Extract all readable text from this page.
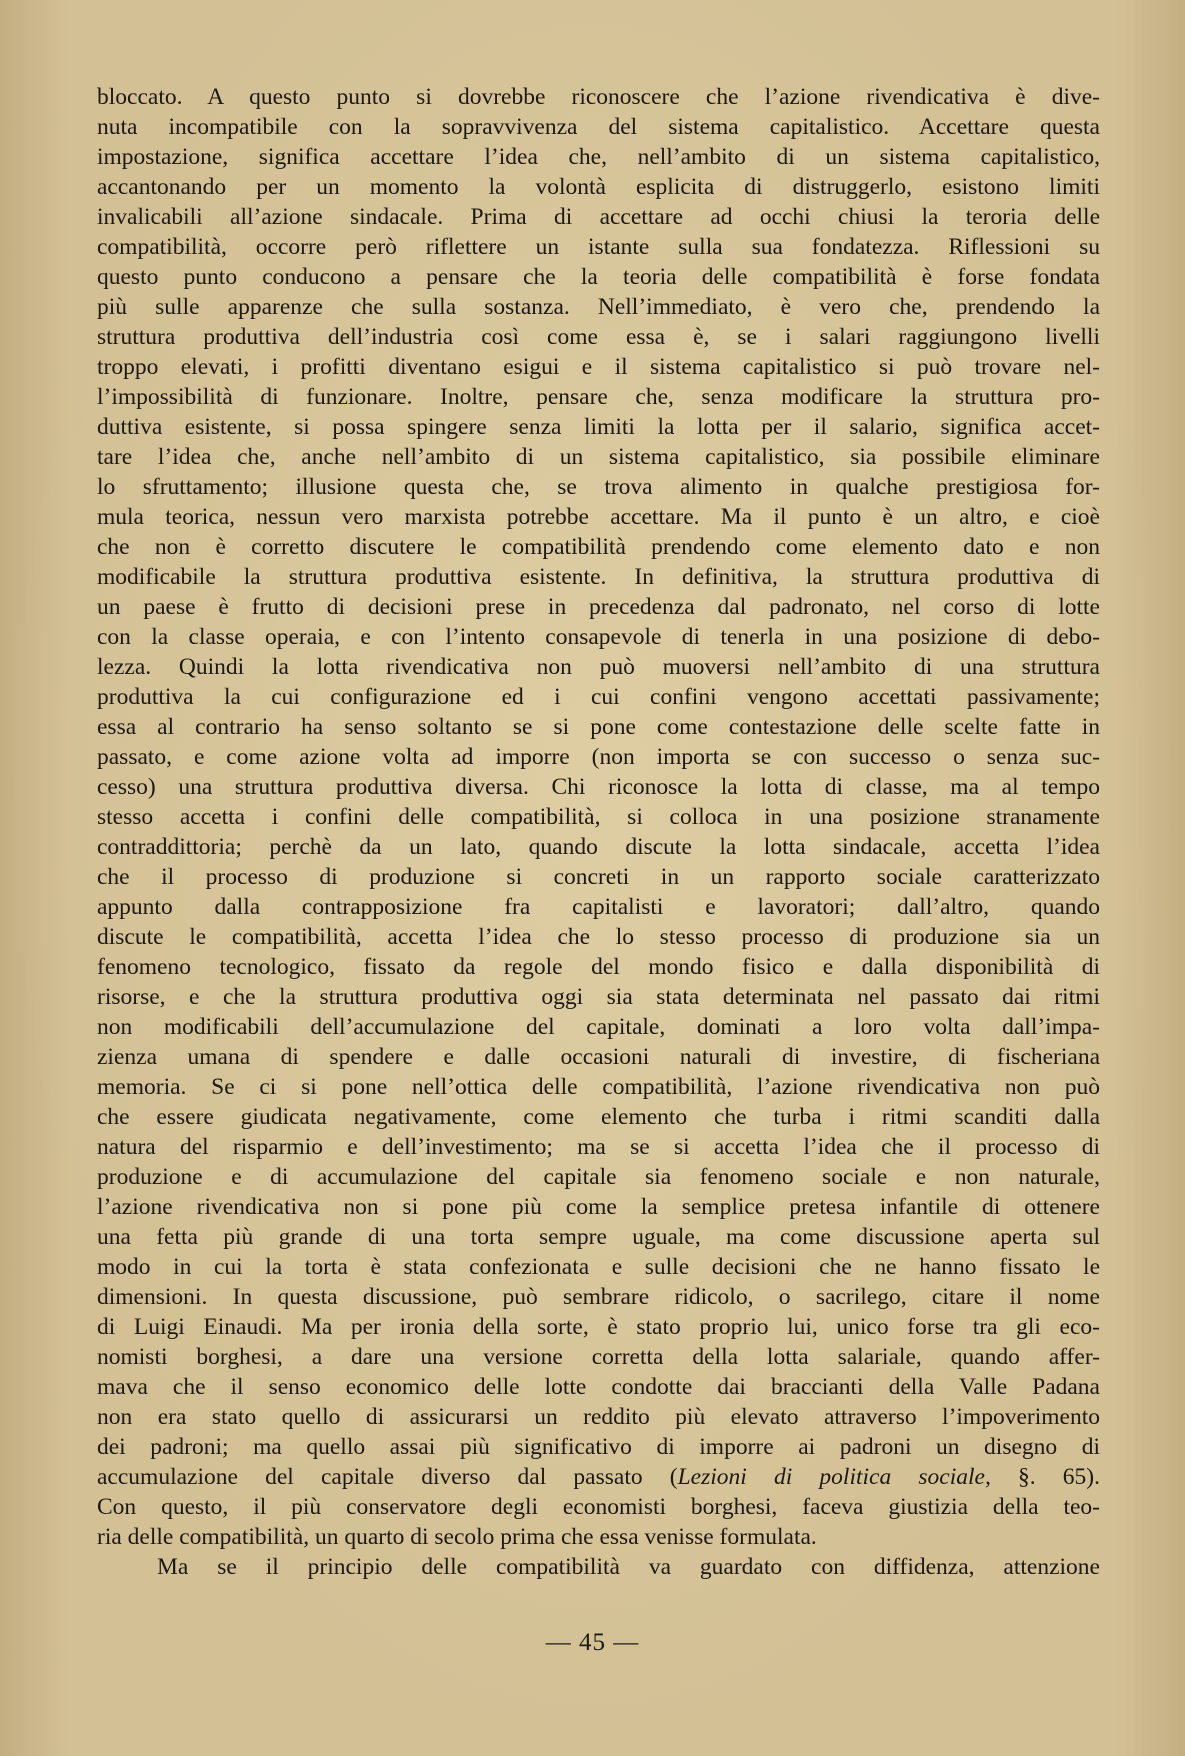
bloccato. A questo punto si dovrebbe riconoscere che l’azione rivendicativa è dive-
nuta incompatibile con la sopravvivenza del sistema capitalistico. Accettare questa
impostazione, significa accettare l’idea che, nell’ambito di un sistema capitalistico,
accantonando per un momento la volontà esplicita di distruggerlo, esistono limiti
invalicabili all’azione sindacale. Prima di accettare ad occhi chiusi la teroria delle
compatibilità, occorre però riflettere un istante sulla sua fondatezza. Riflessioni su
questo punto conducono a pensare che la teoria delle compatibilità è forse fondata
più sulle apparenze che sulla sostanza. Nell’immediato, è vero che, prendendo la
struttura produttiva dell’industria così come essa è, se i salari raggiungono livelli
troppo elevati, i profitti diventano esigui e il sistema capitalistico si può trovare nel-
l’impossibilità di funzionare. Inoltre, pensare che, senza modificare la struttura pro-
duttiva esistente, si possa spingere senza limiti la lotta per il salario, significa accet-
tare l’idea che, anche nell’ambito di un sistema capitalistico, sia possibile eliminare
lo sfruttamento; illusione questa che, se trova alimento in qualche prestigiosa for-
mula teorica, nessun vero marxista potrebbe accettare. Ma il punto è un altro, e cioè
che non è corretto discutere le compatibilità prendendo come elemento dato e non
modificabile la struttura produttiva esistente. In definitiva, la struttura produttiva di
un paese è frutto di decisioni prese in precedenza dal padronato, nel corso di lotte
con la classe operaia, e con l’intento consapevole di tenerla in una posizione di debo-
lezza. Quindi la lotta rivendicativa non può muoversi nell’ambito di una struttura
produttiva la cui configurazione ed i cui confini vengono accettati passivamente;
essa al contrario ha senso soltanto se si pone come contestazione delle scelte fatte in
passato, e come azione volta ad imporre (non importa se con successo o senza suc-
cesso) una struttura produttiva diversa. Chi riconosce la lotta di classe, ma al tempo
stesso accetta i confini delle compatibilità, si colloca in una posizione stranamente
contraddittoria; perchè da un lato, quando discute la lotta sindacale, accetta l’idea
che il processo di produzione si concreti in un rapporto sociale caratterizzato
appunto dalla contrapposizione fra capitalisti e lavoratori; dall’altro, quando
discute le compatibilità, accetta l’idea che lo stesso processo di produzione sia un
fenomeno tecnologico, fissato da regole del mondo fisico e dalla disponibilità di
risorse, e che la struttura produttiva oggi sia stata determinata nel passato dai ritmi
non modificabili dell’accumulazione del capitale, dominati a loro volta dall’impa-
zienza umana di spendere e dalle occasioni naturali di investire, di fischeriana
memoria. Se ci si pone nell’ottica delle compatibilità, l’azione rivendicativa non può
che essere giudicata negativamente, come elemento che turba i ritmi scanditi dalla
natura del risparmio e dell’investimento; ma se si accetta l’idea che il processo di
produzione e di accumulazione del capitale sia fenomeno sociale e non naturale,
l’azione rivendicativa non si pone più come la semplice pretesa infantile di ottenere
una fetta più grande di una torta sempre uguale, ma come discussione aperta sul
modo in cui la torta è stata confezionata e sulle decisioni che ne hanno fissato le
dimensioni. In questa discussione, può sembrare ridicolo, o sacrilego, citare il nome
di Luigi Einaudi. Ma per ironia della sorte, è stato proprio lui, unico forse tra gli eco-
nomisti borghesi, a dare una versione corretta della lotta salariale, quando affer-
mava che il senso economico delle lotte condotte dai braccianti della Valle Padana
non era stato quello di assicurarsi un reddito più elevato attraverso l’impoverimento
dei padroni; ma quello assai più significativo di imporre ai padroni un disegno di
accumulazione del capitale diverso dal passato (Lezioni di politica sociale, §. 65).
Con questo, il più conservatore degli economisti borghesi, faceva giustizia della teo-
ria delle compatibilità, un quarto di secolo prima che essa venisse formulata.
Ma se il principio delle compatibilità va guardato con diffidenza, attenzione
— 45 —
